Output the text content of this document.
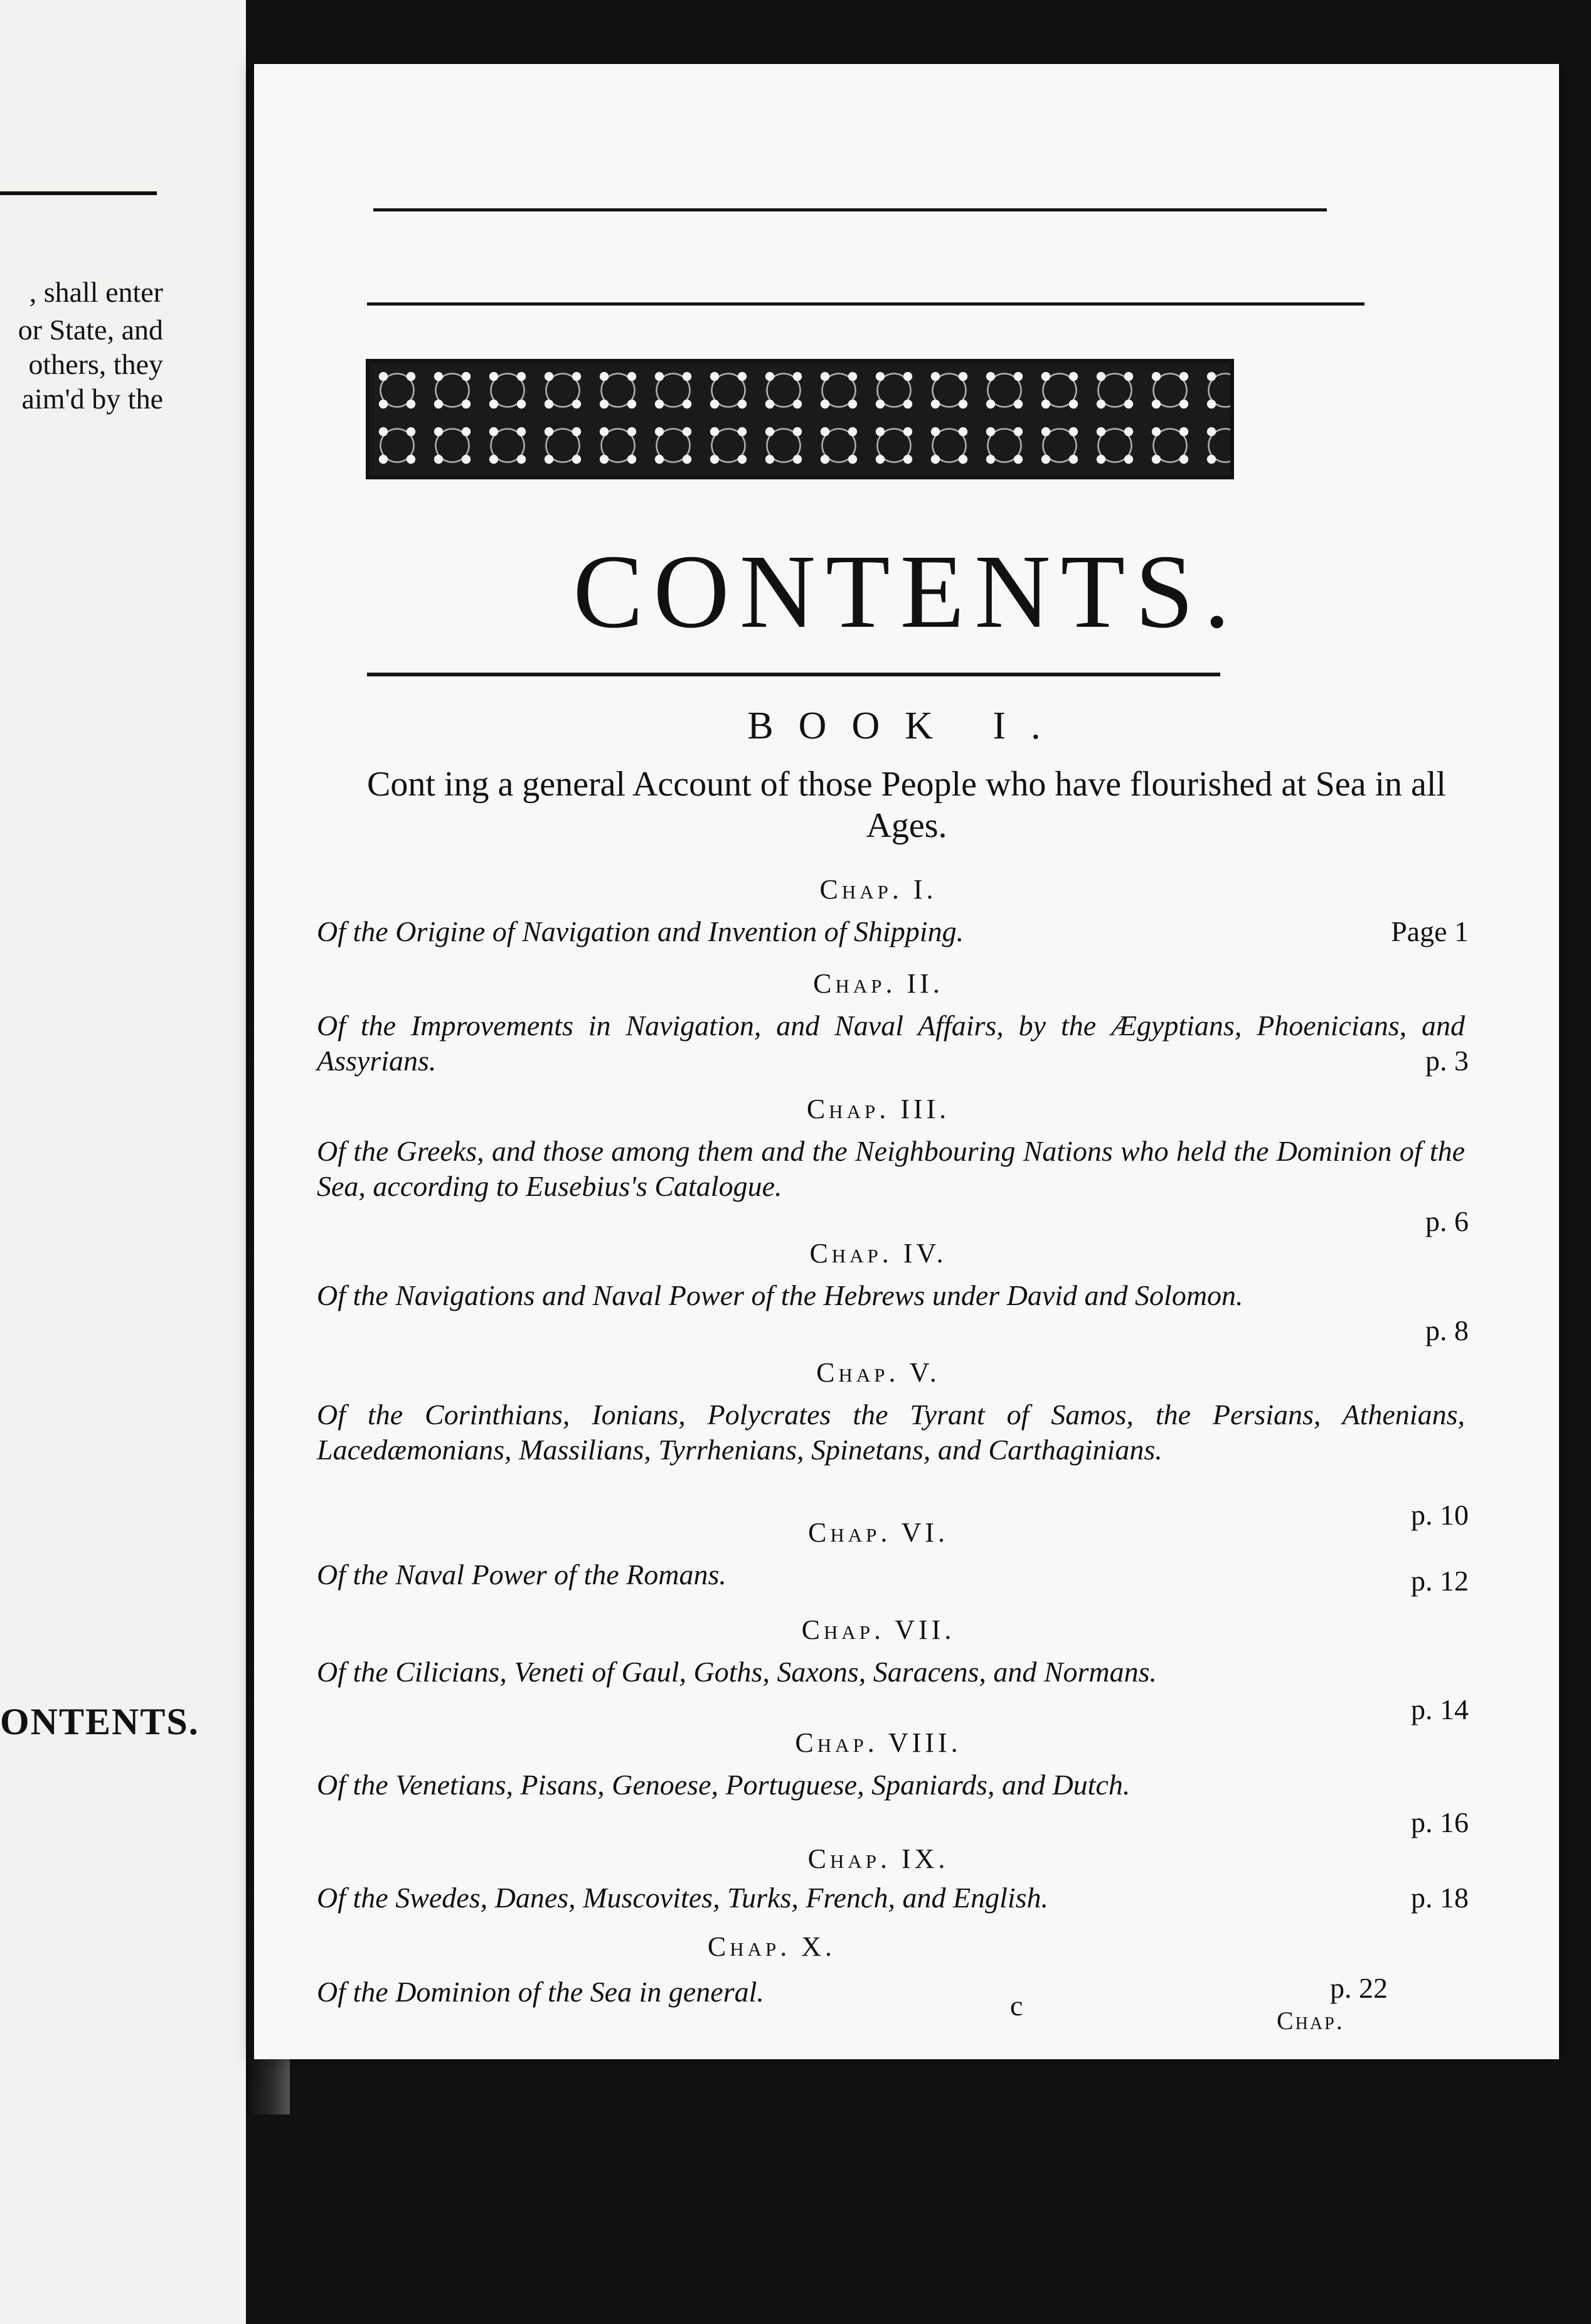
, shall enter
or State, and
others, they
aim'd by the
ONTENTS.
CONTENTS.
BOOK I.
Cont ing a general Account of those People who have flourished at Sea in all Ages.
Chap. I.
Of the Origine of Navigation and Invention of Shipping.	Page 1
Chap. II.
Of the Improvements in Navigation, and Naval Affairs, by the Ægyptians, Phoenicians, and Assyrians.	p. 3
Chap. III.
Of the Greeks, and those among them and the Neighbouring Nations who held the Dominion of the Sea, according to Eusebius's Catalogue.
p. 6
Chap. IV.
Of the Navigations and Naval Power of the Hebrews under David and Solomon.
p. 8
Chap. V.
Of the Corinthians, Ionians, Polycrates the Tyrant of Samos, the Persians, Athenians, Lacedæmonians, Massilians, Tyrrhenians, Spinetans, and Carthaginians.
p. 10
Chap. VI.
Of the Naval Power of the Romans.	p. 12
Chap. VII.
Of the Cilicians, Veneti of Gaul, Goths, Saxons, Saracens, and Normans.
p. 14
Chap. VIII.
Of the Venetians, Pisans, Genoese, Portuguese, Spaniards, and Dutch.
p. 16
Chap. IX.
Of the Swedes, Danes, Muscovites, Turks, French, and English.	p. 18
Chap. X.
Of the Dominion of the Sea in general.	p. 22
c	Chap.
